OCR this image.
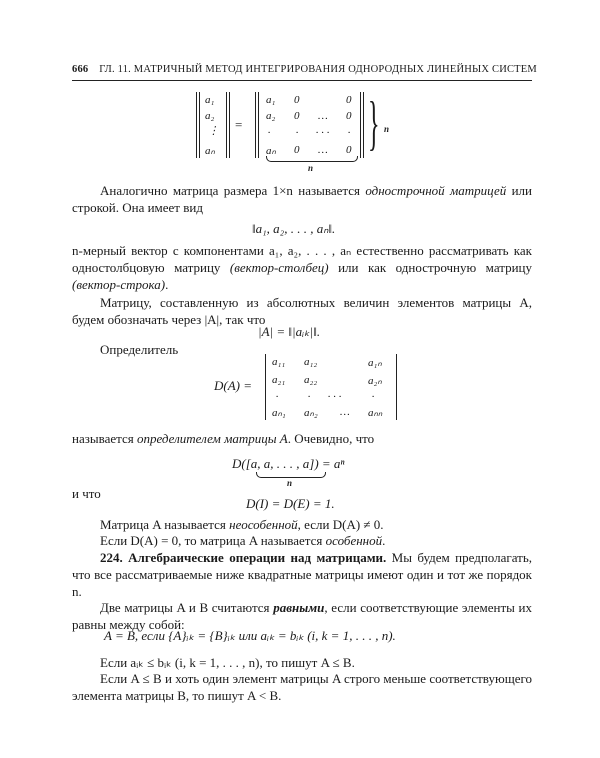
666 ГЛ. 11. МАТРИЧНЫЙ МЕТОД ИНТЕГРИРОВАНИЯ ОДНОРОДНЫХ ЛИНЕЙНЫХ СИСТЕМ
a₁
a₂
⋮
aₙ
=
a₁ 0	0
a₂ 0 … 0
. . . . . .
aₙ 0 … 0
n
} n
Аналогично матрица размера 1×n называется однострочной матрицей или строкой. Она имеет вид
‖a₁, a₂, . . . , aₙ‖.
n-мерный вектор с компонентами a₁, a₂, . . . , aₙ естественно рассматривать как одностолбцовую матрицу (вектор-столбец) или как однострочную матрицу (вектор-строка).
Матрицу, составленную из абсолютных величин элементов матрицы A, будем обозначать через |A|, так что
|A| = ‖|aᵢₖ|‖.
Определитель
D(A) =
a₁₁ a₁₂	a₁ₙ
a₂₁ a₂₂	a₂ₙ
.	. . . .	.
aₙ₁ aₙ₂ … aₙₙ
называется определителем матрицы A. Очевидно, что
D([a, a, . . . , a]) = aⁿ
n
и что
D(I) = D(E) = 1.
Матрица A называется неособенной, если D(A) ≠ 0.
Если D(A) = 0, то матрица A называется особенной.
224. Алгебраические операции над матрицами. Мы будем предполагать, что все рассматриваемые ниже квадратные матрицы имеют один и тот же порядок n.
Две матрицы A и B считаются равными, если соответствующие элементы их равны между собой:
A = B, если {A}ᵢₖ = {B}ᵢₖ или aᵢₖ = bᵢₖ (i, k = 1, . . . , n).
Если aᵢₖ ≤ bᵢₖ (i, k = 1, . . . , n), то пишут A ≤ B.
Если A ≤ B и хоть один элемент матрицы A строго меньше соответствующего элемента матрицы B, то пишут A < B.
